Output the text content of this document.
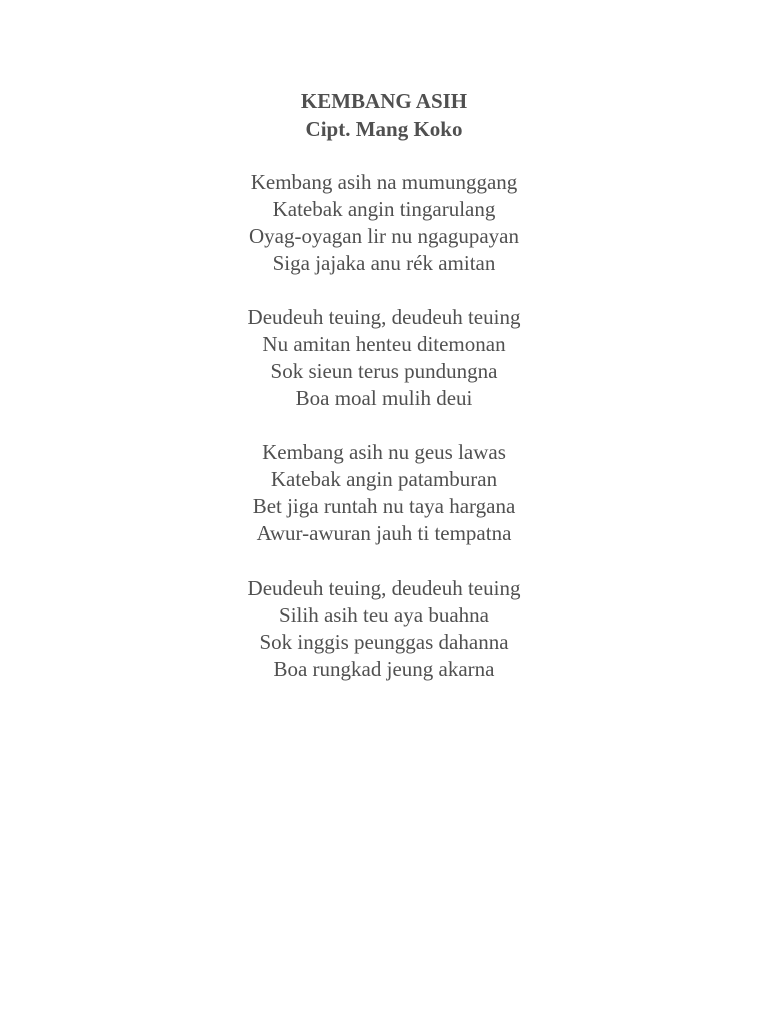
KEMBANG ASIH

Cipt. Mang Koko

Kembang asih na mumunggang

Katebak angin tingarulang

Oyag-oyagan lir nu ngagupayan

Siga jajaka anu rék amitan

Deudeuh teuing, deudeuh teuing

Nu amitan henteu ditemonan

Sok sieun terus pundungna

Boa moal mulih deui

Kembang asih nu geus lawas

Katebak angin patamburan

Bet jiga runtah nu taya hargana

Awur-awuran jauh ti tempatna

Deudeuh teuing, deudeuh teuing

Silih asih teu aya buahna

Sok inggis peunggas dahanna

Boa rungkad jeung akarna
